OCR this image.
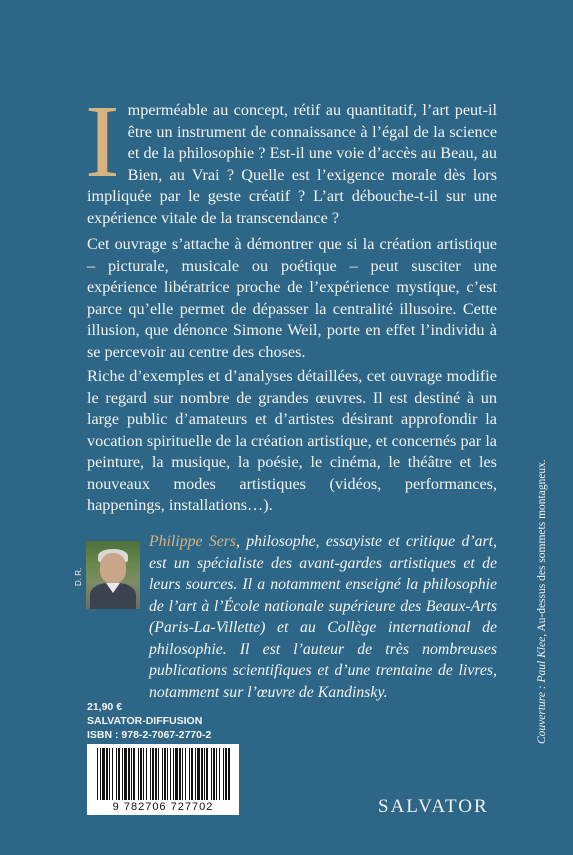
Imperméable au concept, rétif au quantitatif, l’art peut-il être un instrument de connaissance à l’égal de la science et de la philosophie ? Est-il une voie d’accès au Beau, au Bien, au Vrai ? Quelle est l’exigence morale dès lors impliquée par le geste créatif ? L’art débouche-t-il sur une expérience vitale de la transcendance ?

Cet ouvrage s’attache à démontrer que si la création artistique – picturale, musicale ou poétique – peut susciter une expérience libératrice proche de l’expérience mystique, c’est parce qu’elle permet de dépasser la centralité illusoire. Cette illusion, que dénonce Simone Weil, porte en effet l’individu à se percevoir au centre des choses.

Riche d’exemples et d’analyses détaillées, cet ouvrage modifie le regard sur nombre de grandes œuvres. Il est destiné à un large public d’amateurs et d’artistes désirant approfondir la vocation spirituelle de la création artistique, et concernés par la peinture, la musique, la poésie, le cinéma, le théâtre et les nouveaux modes artistiques (vidéos, performances, happenings, installations…).

D. R.

Philippe Sers, philosophe, essayiste et critique d’art, est un spécialiste des avant-gardes artistiques et de leurs sources. Il a notamment enseigné la philosophie de l’art à l’École nationale supérieure des Beaux-Arts (Paris-La-Villette) et au Collège international de philosophie. Il est l’auteur de très nombreuses publications scientifiques et d’une trentaine de livres, notamment sur l’œuvre de Kandinsky.	Couverture : Paul Klee, Au-dessus des sommets montagneux.
21,90 €
SALVATOR-DIFFUSION
ISBN : 978-2-7067-2770-2
9 782706 727702	SALVATOR
